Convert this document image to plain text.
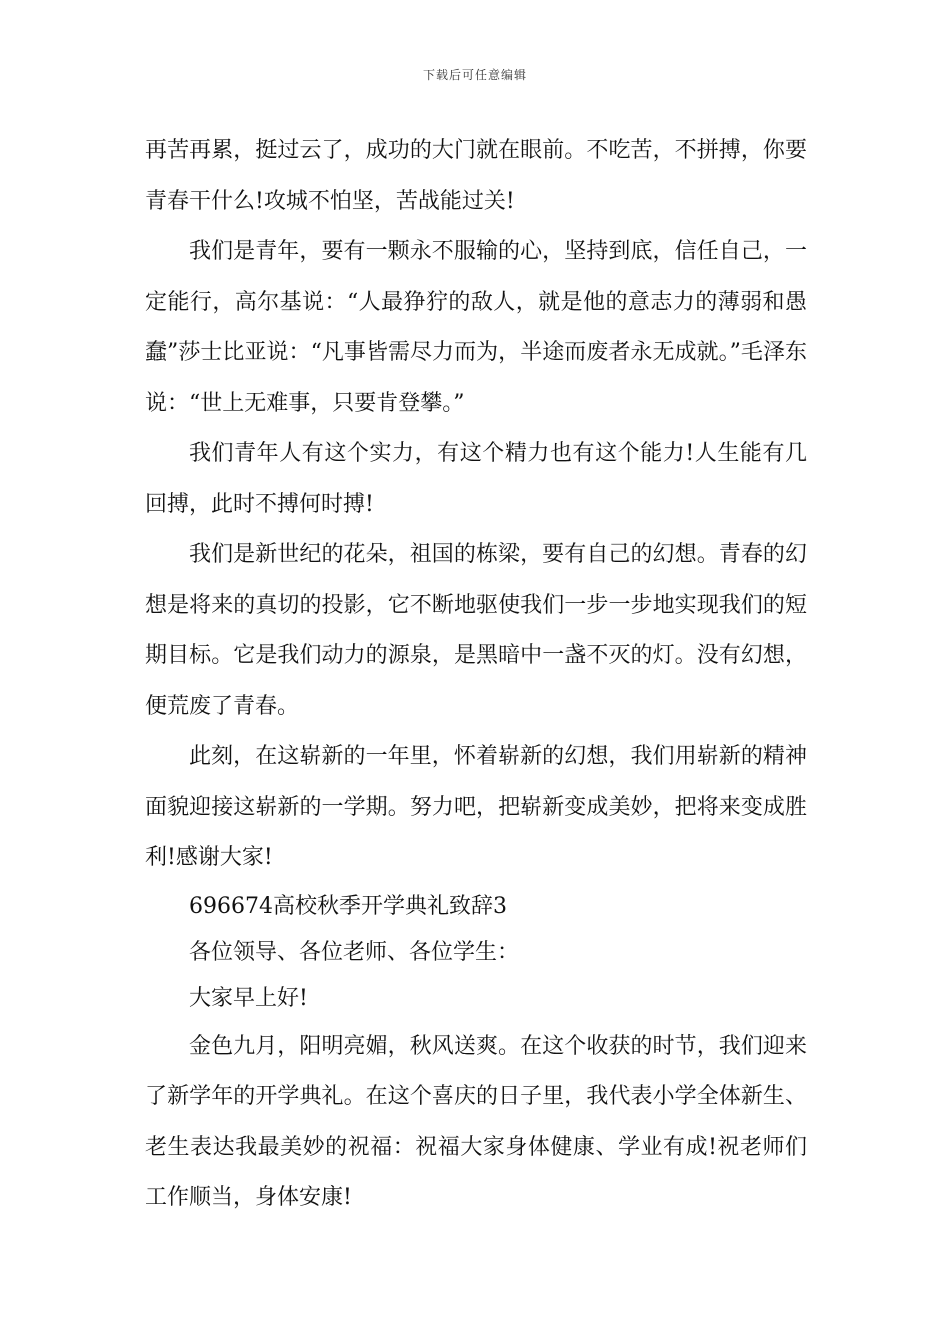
下载后可任意编辑

再苦再累，挺过云了，成功的大门就在眼前。不吃苦，不拼搏，你要青春干什么!攻城不怕坚，苦战能过关!

我们是青年，要有一颗永不服输的心，坚持到底，信任自己，一定能行，高尔基说：“人最狰狞的敌人，就是他的意志力的薄弱和愚蠢”莎士比亚说：“凡事皆需尽力而为，半途而废者永无成就。”毛泽东说：“世上无难事，只要肯登攀。”

我们青年人有这个实力，有这个精力也有这个能力!人生能有几回搏，此时不搏何时搏!

我们是新世纪的花朵，祖国的栋梁，要有自己的幻想。青春的幻想是将来的真切的投影，它不断地驱使我们一步一步地实现我们的短期目标。它是我们动力的源泉，是黑暗中一盏不灭的灯。没有幻想，便荒废了青春。

此刻，在这崭新的一年里，怀着崭新的幻想，我们用崭新的精神面貌迎接这崭新的一学期。努力吧，把崭新变成美妙，把将来变成胜利!感谢大家!

696674高校秋季开学典礼致辞3

各位领导、各位老师、各位学生：

大家早上好!

金色九月，阳明亮媚，秋风送爽。在这个收获的时节，我们迎来了新学年的开学典礼。在这个喜庆的日子里，我代表小学全体新生、老生表达我最美妙的祝福：祝福大家身体健康、学业有成!祝老师们工作顺当，身体安康!
